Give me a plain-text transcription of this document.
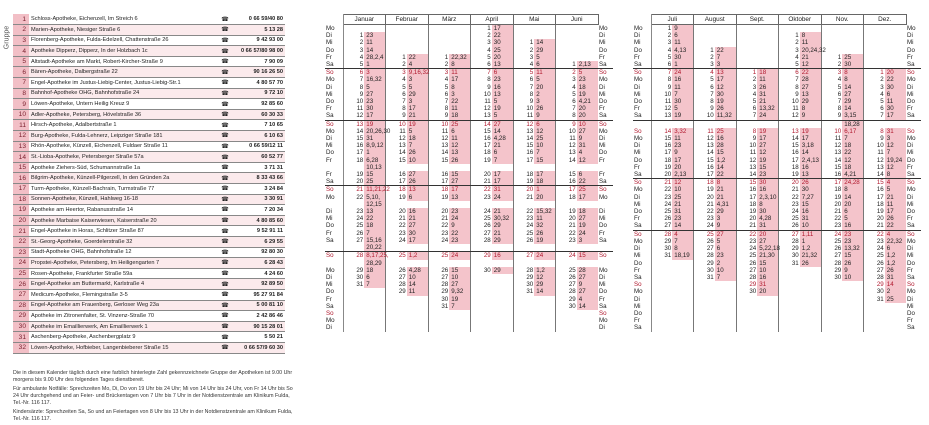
Gruppe
1	Schloss-Apotheke, Eichenzell, Im Streich 6	☎	0 66 59/40 80
2	Marien-Apotheke, Niesiger Straße 6	☎	5 13 28
3	Florenberg-Apotheke, Fulda-Edelzell, Chattenstraße 26	☎	9 42 93 00
4	Apotheke Dipperz, Dipperz, In der Holzbach 1c	☎	0 66 57/80 98 00
5	Altstadt-Apotheke am Markt, Robert-Kircher-Straße 9	☎	7 90 09
6	Bären-Apotheke, Dalbergstraße 22	☎	90 16 26 50
7	Engel-Apotheke im Justus-Liebig-Center, Justus-Liebig-Str.1	☎	4 80 57 70
8	Bahnhof-Apotheke OHG, Bahnhofstraße 24	☎	9 72 10
9	Löwen-Apotheke, Untern Heilig Kreuz 9	☎	92 85 60
10	Adler-Apotheke, Petersberg, Hövelstraße 36	☎	60 30 33
11	Hirsch-Apotheke, Adalbertstraße 1	☎	7 10 65
12	Burg-Apotheke, Fulda-Lehnerz, Leipziger Straße 181	☎	6 10 63
13	Rhön-Apotheke, Künzell, Eichenzell, Fuldaer Straße 11	☎	0 66 59/12 11
14	St.-Lioba-Apotheke, Petersberger Straße 57a	☎	60 52 77
15	Apotheke Ziehers-Süd, Schumannstraße 1a	☎	3 71 31
16	Bilgrim-Apotheke, Künzell-Pilgerzell, In den Gründen 2a	☎	8 33 43 66
17	Turm-Apotheke, Künzell-Bachrain, Turmstraße 77	☎	3 24 84
18	Sonnen-Apotheke, Künzell, Hahlweg 16-18	☎	3 30 91
19	Apotheke am Heertor, Rabanusstraße 14	☎	7 20 34
20	Apotheke Marbaise Kaiserwiesen, Kaiserstraße 20	☎	4 80 85 60
21	Engel-Apotheke in Horas, Schlitzer Straße 87	☎	9 52 91 11
22	St.-Georg-Apotheke, Goerdelerstraße 32	☎	6 29 55
23	Stadt-Apotheke OHG, Bahnhofstraße 12	☎	92 80 30
24	Propstei-Apotheke, Petersberg, Im Heiligengarten 7	☎	6 28 43
25	Rosen-Apotheke, Frankfurter Straße 59a	☎	4 24 60
26	Engel-Apotheke am Buttermarkt, Karlstraße 4	☎	92 89 50
27	Medicum-Apotheke, Flemingstraße 3-5	☎	95 27 91 84
28	Engel-Apotheke am Frauenberg, Gerloser Weg 23a	☎	5 00 81 10
29	Apotheke im Zitronenfalter, St. Vinzenz-Straße 70	☎	2 42 86 46
30	Apotheke im Emaillierwerk, Am Emaillierwerk 1	☎	90 15 28 01
31	Aschenberg-Apotheke, Aschenbergplatz 9	☎	5 50 21
32	Löwen-Apotheke, Hofbieber, Langenbieberer Straße 15	☎	0 66 57/9 60 30

Die in diesem Kalender täglich durch eine farblich hinterlegte Zahl gekennzeichnete Gruppe der Apotheken ist 9.00 Uhr morgens bis 9.00 Uhr des folgenden Tages dienstbereit.

Für ambulante Notfälle: Sprechzeiten Mo, Di, Do von 19 Uhr bis 24 Uhr; Mi von 14 Uhr bis 24 Uhr, von Fr 14 Uhr bis So 24 Uhr durchgehend und an Feier- und Brückentagen von 7 Uhr bis 7 Uhr in der Notdienstzentrale am Klinikum Fulda, Tel.-Nr. 116 117.

Kindersärzte: Sprechzeiten Sa, So und an Feiertagen von 8 Uhr bis 13 Uhr in der Notdienstzentrale am Klinikum Fulda, Tel.-Nr. 116 117.

	Januar		Februar		März		April		Mai		Juni		
Mo							1	17					Mo
Di	1	23					2	22					Di
Mi	2	11					3	30	1	14			Mi
Do	3	14					4	25	2	29			Do
Fr	4	28,2,4	1	22	1	22,32	5	20	3	5			Fr
Sa	5	1	2	4	2	8	6	13	4	6	1	2,13	Sa
So	6	3	3	9,16,32	3	11	7	6	5	11	2	5	So
Mo	7	16,32	4	3	4	17	8	23	6	5	3	23	Mo
Di	8	5	5	5	5	8	9	16	7	20	4	18	Di
Mi	9	27	6	29	6	3	10	13	8	2	5	19	Mi
Do	10	23	7	3	7	22	11	5	9	3	6	4,21	Do
Fr	11	30	8	17	8	11	12	19	10	26	7	20	Fr
Sa	12	17	9	21	9	18	13	5	11	9	8	20	Sa
So	13	19	10	19	10	25	14	27	12	6	9	10	So
Mo	14	20,26,30	11	5	11	6	15	14	13	12	10	27	Mo
Di	15	31	12	18	12	11	16	4,28	14	25	11	9	Di
Mi	16	8,9,12	13	7	13	12	17	21	15	10	12	31	Mi
Do	17	1	14	26	14	13	18	6	16	7	13	4	Do
Fr	18	6,28	15	10	15	26	19	7	17	15	14	12	Fr
		10,13											
Fr	19	15	16	27	16	15	20	17	18	17	15	6	Fr
Sa	20	25	17	26	17	27	21	17	19	18	16	22	Sa
So	21	11,21,22	18	13	18	17	22	31	20	1	17	25	So
Mo	22	5,10,	19	6	19	13	23	24	21	20	18	17	Mo
		12,15											
Di	23	13	20	16	20	23	24	21	22	15,32	19	18	Di
Mi	24	22	21	21	21	24	25	30,32	23	11	20	27	Mi
Do	25	18	22	27	22	9	26	29	24	32	21	19	Do
Fr	26	7	23	30	23	22	27	21	25	26	22	24	Fr
Sa	27	15,16	24	17	24	23	28	29	26	19	23	3	Sa
		20,22											
So	28	8,17,25,	25	1,2	25	24	29	16	27	24	24	15	So
		28,29											
Mo	29	18	26	4,28	26	15	30	29	28	1,2	25	28	Mo
Di	30	6	27	10	27	10			29	12	26	27	Di
Mi	31	7	28	14	28	27			30	29	27	9	Mi
Do			29	11	29	9,32			31	14	28	27	Do
Fr					30	19					29	4	Fr
Sa					31	7					30	14	Sa
So													So
Mo													Mo
Di													Di
	Juli		August		Sept.		Oktober		Nov.		Dez.		
Mo	1	9											Mo
Di	2	6					1	8					Di
Mi	3	11					2	11					Mi
Do	4	4,13	1	22			3	20,24,32					Do
Fr	5	30	2	7			4	21	1	25			Fr
Sa	6	1	3	3			5	12	2	30			Sa
So	7	24	4	13	1	18	6	22	3	8	1	20	So
Mo	8	16	5	17	2	11	7	28	4	8	2	22	Mo
Di	9	11	6	12	3	26	8	27	5	14	3	30	Di
Mi	10	7	7	30	4	31	9	13	6	27	4	6	Mi
Do	11	30	8	19	5	21	10	29	7	29	5	11	Do
Fr	12	5	9	26	6	13,32	11	8	8	14	6	30	Fr
Sa	13	19	10	11,32	7	24	12	9	9	3,15	7	17	Sa
										18,28			
So	14	3,32	11	25	8	19	13	19	10	6,17	8	31	So
Mo	15	11	12	16	9	17	14	17	11	7	9	3	Mo
Di	16	23	13	28	10	27	15	3,18	12	18	10	12	Di
Mi	17	9	14	15	11	12	16	14	13	22	11	7	Mi
Do	18	17	15	1,2	12	19	17	2,4,13	14	12	12	19,24	Do
Fr	19	20	16	14	13	15	18	16	15	18	13	12	Fr
Sa	20	2,13	17	22	14	23	19	13	16	4,21	14	8	Sa
So	21	12	18	8	15	30	20	26	17	24,28	15	4	So
Mo	22	10	19	21	16	16	21	30	18	8	16	5	Mo
Di	23	25	20	21	17	2,3,10	22	7,27	19	14	17	21	Di
Mi	24	21	21	4,31	18	8	23	15	20	20	18	11	Mi
Do	25	31	22	29	19	30	24	16	21	6	19	17	Do
Fr	26	23	23	3	20	4,28	25	31	22	5	20	26	Fr
Sa	27	14	24	9	21	31	26	10	23	16	21	22	Sa
So	28	4	25	27	22	20	27	1,11	24	23	22	4	So
Mo	29	7	26	5	23	27	28	1	25	23	23	22,32	Mo
Di	30	8	27	6	24	5,22,18	29	1,2	26	13,32	24	6	Di
Mi	31	18,19	28	23	25	21,30	30	21,32	27	15	25	1,2	Mi
Do			29	2	26	15	31	26	28	26	26	1,2	Do
Fr			30	10	27	10			29	9	27	26	Fr
Sa			31	7	28	16			30	10	28	31	Sa
So					29	31					29	14	So
Mo					30	20					30	2	Mo
Di											31	25	Di
Mi													Mi
Do													Do
Fr													Fr
Sa													Sa
